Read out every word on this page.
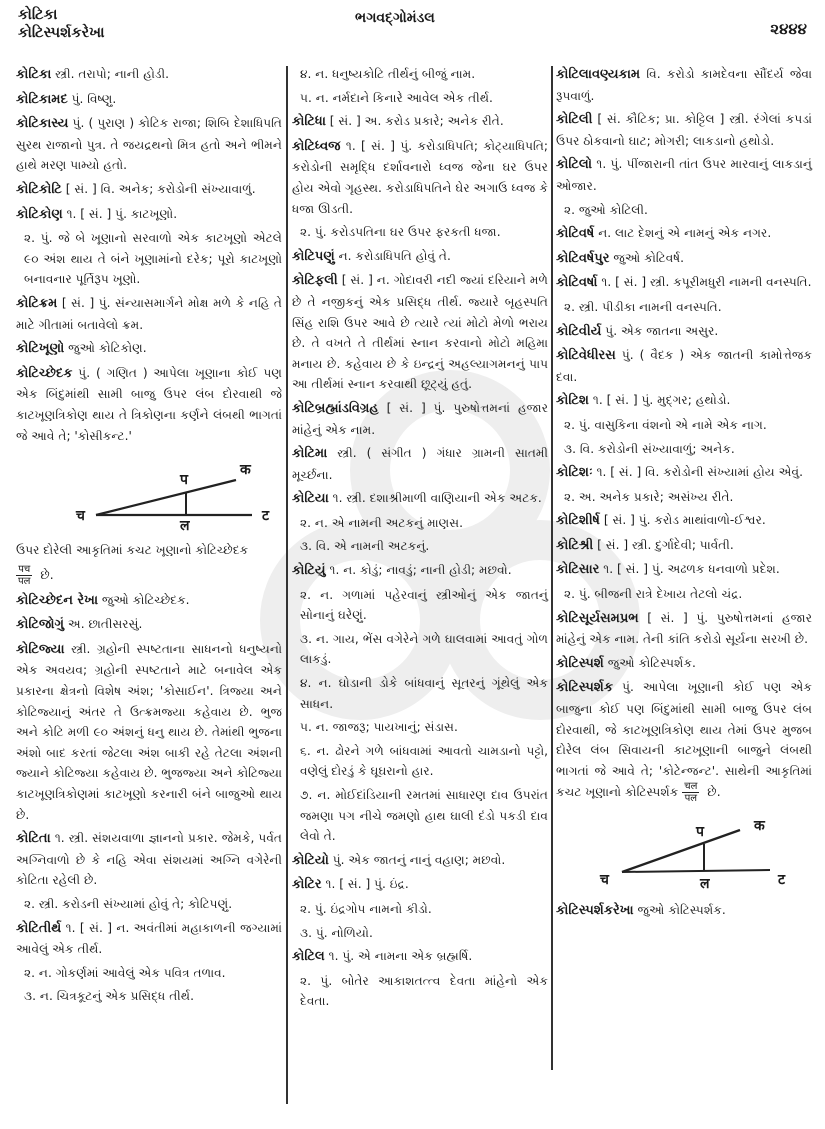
કોટિકા
કોટિસ્પર્શકરેખા
ભગવદ્ગોમંડલ
૨૪૪૪
કોટિકા સ્ત્રી. તરાપો; નાની હોડી.
કોટિકામદ પું. વિષ્ણુ.
કોટિકાસ્ય પું. ( પુરાણ ) કોટિક રાજા; શિબિ દેશાધિપતિ સુરથ રાજાનો પુત્ર. તે જયદ્રથનો મિત્ર હતો અને ભીમને હાથે મરણ પામ્યો હતો.
કોટિકોટિ [ સં. ] વિ. અનેક; કરોડોની સંખ્યાવાળું.
કોટિકોણ ૧. [ સં. ] પું. કાટખૂણો.
૨. પું. જે બે ખૂણાનો સરવાળો એક કાટખૂણો એટલે ૯૦ અંશ થાય તે બંને ખૂણામાંનો દરેક; પૂરો કાટખૂણો બનાવનાર પૂર્તિરૂપ ખૂણો.
કોટિક્રમ [ સં. ] પું. સંન્યાસમાર્ગને મોક્ષ મળે કે નહિ તે માટે ગીતામાં બતાવેલો ક્રમ.
કોટિખૂણો જુઓ કોટિકોણ.
કોટિચ્છેદક પું. ( ગણિત ) આપેલા ખૂણાના કોઈ પણ એક બિંદુમાંથી સામી બાજુ ઉપર લંબ દોરવાથી જે કાટખૂણત્રિકોણ થાય તે ત્રિકોણના કર્ણને લંબથી ભાગતાં જે આવે તે; 'કોસીકન્ટ.'
क
प
च
ल
ट
ઉપર દોરેલી આકૃતિમાં કચટ ખૂણાનો કોટિચ્છેદક
$\frac{\text{पच}}{\text{पल}}$ છે.
કોટિચ્છેદન રેખા જુઓ કોટિચ્છેદક.
કોટિજોગું અ. છાતીસરસું.
કોટિજ્યા સ્ત્રી. ગ્રહોની સ્પષ્ટતાના સાધનનો ધનુષ્યનો એક અવયવ; ગ્રહોની સ્પષ્ટતાને માટે બનાવેલ એક પ્રકારના ક્ષેત્રનો વિશેષ અંશ; 'કોસાઈન'. ત્રિજ્યા અને કોટિજ્યાનું અંતર તે ઉત્ક્રમજ્યા કહેવાય છે. ભુજ અને કોટિ મળી ૯૦ અંશનું ધનુ થાય છે. તેમાંથી ભુજના અંશો બાદ કરતાં જેટલા અંશ બાકી રહે તેટલા અંશની જ્યાને કોટિજ્યા કહેવાય છે. ભુજજ્યા અને કોટિજ્યા કાટખૂણત્રિકોણમાં કાટખૂણો કરનારી બંને બાજુઓ થાય છે.
કોટિતા ૧. સ્ત્રી. સંશયવાળા જ્ઞાનનો પ્રકાર. જેમકે, પર્વત અગ્નિવાળો છે કે નહિ એવા સંશયમાં અગ્નિ વગેરેની કોટિતા રહેલી છે.
૨. સ્ત્રી. કરોડની સંખ્યામાં હોવું તે; કોટિપણું.
કોટિતીર્થ ૧. [ સં. ] ન. અવંતીમાં મહાકાળની જગ્યામાં આવેલું એક તીર્થ.
૨. ન. ગોકર્ણમાં આવેલું એક પવિત્ર તળાવ.
૩. ન. ચિત્રકૂટનું એક પ્રસિદ્ધ તીર્થ.
૪. ન. ધનુષ્યકોટિ તીર્થનું બીજું નામ.
૫. ન. નર્મદાને કિનારે આવેલ એક તીર્થ.
કોટિધા [ સં. ] અ. કરોડ પ્રકારે; અનેક રીતે.
કોટિધ્વજ ૧. [ સં. ] પું. કરોડાધિપતિ; કોટ્યાધિપતિ; કરોડોની સમૃદ્ધિ દર્શાવનારો ધ્વજ જેના ઘર ઉપર હોય એવો ગૃહસ્થ. કરોડાધિપતિને ઘેર અગાઉ ધ્વજ કે ધજા ઊડતી.
૨. પું. કરોડપતિના ઘર ઉપર ફરકતી ધજા.
કોટિપણું ન. કરોડાધિપતિ હોવું તે.
કોટિફલી [ સં. ] ન. ગોદાવરી નદી જ્યાં દરિયાને મળે છે તે નજીકનું એક પ્રસિદ્ધ તીર્થ. જ્યારે બૃહસ્પતિ સિંહ રાશિ ઉપર આવે છે ત્યારે ત્યાં મોટો મેળો ભરાય છે. તે વખતે તે તીર્થમાં સ્નાન કરવાનો મોટો મહિમા મનાય છે. કહેવાય છે કે ઇન્દ્રનું અહલ્યાગમનનું પાપ આ તીર્થમાં સ્નાન કરવાથી છૂટ્યું હતું.
કોટિબ્રહ્માંડવિગ્રહ [ સં. ] પું. પુરુષોત્તમનાં હજાર માંહેનું એક નામ.
કોટિમા સ્ત્રી. ( સંગીત ) ગંધાર ગ્રામની સાતમી મૂર્ચ્છના.
કોટિયા ૧. સ્ત્રી. દશાશ્રીમાળી વાણિયાની એક અટક.
૨. ન. એ નામની અટકનું માણસ.
૩. વિ. એ નામની અટકનું.
કોટિયું ૧. ન. કોડું; નાવડું; નાની હોડી; મછવો.
૨. ન. ગળામાં પહેરવાનું સ્ત્રીઓનું એક જાતનું સોનાનું ઘરેણું.
૩. ન. ગાય, ભેંસ વગેરેને ગળે ઘાલવામાં આવતું ગોળ લાકડું.
૪. ન. ઘોડાની ડોકે બાંધવાનું સૂતરનું ગૂંથેલું એક સાધન.
૫. ન. જાજરૂ; પાયખાનું; સંડાસ.
૬. ન. ઢોરને ગળે બાંધવામાં આવતો ચામડાનો પટ્ટો, વણેલું દોરડું કે ઘૂઘરાનો હાર.
૭. ન. મોઈદાંડિયાની રમતમાં સાધારણ દાવ ઉપરાંત જમણા પગ નીચે જમણો હાથ ઘાલી દંડો પકડી દાવ લેવો તે.
કોટિયો પું. એક જાતનું નાનું વહાણ; મછવો.
કોટિર ૧. [ સં. ] પું. ઇંદ્ર.
૨. પું. ઇંદ્રગોપ નામનો કીડો.
૩. પું. નોળિયો.
કોટિલ ૧. પું. એ નામના એક બ્રહ્મર્ષિ.
૨. પું. બોતેર આકાશતત્ત્વ દેવતા માંહેનો એક દેવતા.
કોટિલાવણ્યકામ વિ. કરોડો કામદેવના સૌંદર્ય જેવા રૂપવાળું.
કોટિલી [ સં. કૌટિક; પ્રા. કોટ્ટિલ ] સ્ત્રી. રંગેલાં કપડાં ઉપર ઠોકવાનો ઘાટ; મોગરી; લાકડાનો હથોડો.
કોટિલો ૧. પું. પીંજારાની તાંત ઉપર મારવાનું લાકડાનું ઓજાર.
૨. જુઓ કોટિલી.
કોટિવર્ષ ન. લાટ દેશનું એ નામનું એક નગર.
કોટિવર્ષપુર જુઓ કોટિવર્ષ.
કોટિવર્ષા ૧. [ સં. ] સ્ત્રી. કપૂરીમધુરી નામની વનસ્પતિ.
૨. સ્ત્રી. પીડીકા નામની વનસ્પતિ.
કોટિવીર્ય પું. એક જાતના અસુર.
કોટિવેધીરસ પું. ( વૈદક ) એક જાતની કામોત્તેજક દવા.
કોટિશ ૧. [ સં. ] પું. મુદ્ગર; હથોડો.
૨. પું. વાસુકિના વંશનો એ નામે એક નાગ.
૩. વિ. કરોડોની સંખ્યાવાળું; અનેક.
કોટિશઃ ૧. [ સં. ] વિ. કરોડોની સંખ્યામાં હોય એવું.
૨. અ. અનેક પ્રકારે; અસંખ્ય રીતે.
કોટિશીર્ષ [ સં. ] પું. કરોડ માથાંવાળો-ઈશ્વર.
કોટિશ્રી [ સં. ] સ્ત્રી. દુર્ગાદેવી; પાર્વતી.
કોટિસાર ૧. [ સં. ] પું. અઢળક ધનવાળો પ્રદેશ.
૨. પું. બીજની રાત્રે દેખાય તેટલો ચંદ્ર.
કોટિસૂર્યસમપ્રભ [ સં. ] પું. પુરુષોત્તમનાં હજાર માંહેનું એક નામ. તેની કાંતિ કરોડો સૂર્યના સરખી છે.
કોટિસ્પર્શ જુઓ કોટિસ્પર્શક.
કોટિસ્પર્શક પું. આપેલા ખૂણાની કોઈ પણ એક બાજુના કોઈ પણ બિંદુમાંથી સામી બાજુ ઉપર લંબ દોરવાથી, જે કાટખૂણત્રિકોણ થાય તેમાં ઉપર મુજબ દોરેલ લંબ સિવાયની કાટખૂણાની બાજુને લંબથી ભાગતાં જે આવે તે; 'કોટેન્જન્ટ'. સાથેની આકૃતિમાં કચટ ખૂણાનો કોટિસ્પર્શક $\frac{\text{चल}}{\text{पल}}$ છે.
क
प
च	ल	ट
કોટિસ્પર્શકરેખા જુઓ કોટિસ્પર્શક.
